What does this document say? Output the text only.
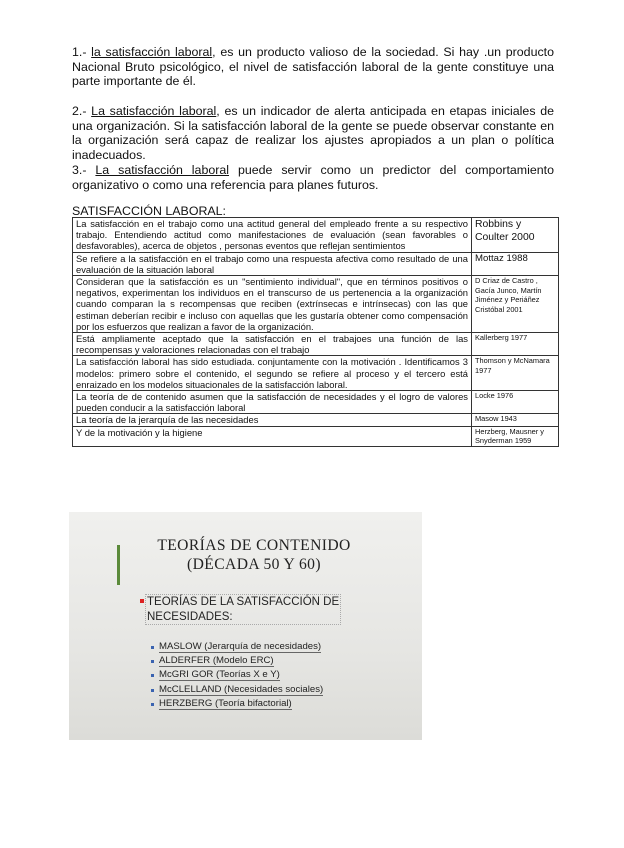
1.- la satisfacción laboral, es un producto valioso de la sociedad. Si hay .un producto Nacional Bruto psicológico, el nivel de satisfacción laboral de la gente constituye una parte importante de él.
2.- La satisfacción laboral, es un indicador de alerta anticipada en etapas iniciales de una organización. Si la satisfacción laboral de la gente se puede observar constante en la organización será capaz de realizar los ajustes apropiados a un plan o política inadecuados.
3.- La satisfacción laboral puede servir como un predictor del comportamiento organizativo o como una referencia para planes futuros.
SATISFACCIÓN LABORAL:
La satisfacción en el trabajo como una actitud general del empleado frente a su respectivo trabajo. Entendiendo actitud como manifestaciones de evaluación (sean favorables o desfavorables), acerca de objetos , personas eventos que reflejan sentimientos	Robbins y Coulter 2000
Se refiere a la satisfacción en el trabajo como una respuesta afectiva como resultado de una evaluación de la situación laboral	Mottaz 1988
Consideran que la satisfacción es un "sentimiento individual", que en términos positivos o negativos, experimentan los individuos en el transcurso de us pertenencia a la organización cuando comparan la s recompensas que reciben (extrínsecas e intrínsecas) con las que estiman deberían recibir e incluso con aquellas que les gustaría obtener como compensación por los esfuerzos que realizan a favor de la organización.	D Criaz de Castro , Gacía Junco, Martín Jiménez y Periáñez Cristóbal 2001
Está ampliamente aceptado que la satisfacción en el trabajoes una función de las recompensas y valoraciones relacionadas con el trabajo	Kallerberg 1977
La satisfacción laboral has sido estudiada. conjuntamente con la motivación . Identificamos 3 modelos: primero sobre el contenido, el segundo se refiere al proceso y el tercero está enraizado en los modelos situacionales de la satisfacción laboral.	Thomson y McNamara 1977
La teoría de de contenido asumen que la satisfacción de necesidades y el logro de valores pueden conducir a la satisfacción laboral	Locke 1976
La teoría de la jerarquía de las necesidades	Masow 1943
Y de la motivación y la higiene	Herzberg, Mausner y Snyderman 1959
TEORÍAS DE CONTENIDO
(DÉCADA 50 Y 60)
TEORÍAS DE LA SATISFACCIÓN DE
NECESIDADES:
MASLOW (Jerarquía de necesidades)
ALDERFER (Modelo ERC)
McGRI GOR (Teorías X e Y)
McCLELLAND (Necesidades sociales)
HERZBERG (Teoría bifactorial)
